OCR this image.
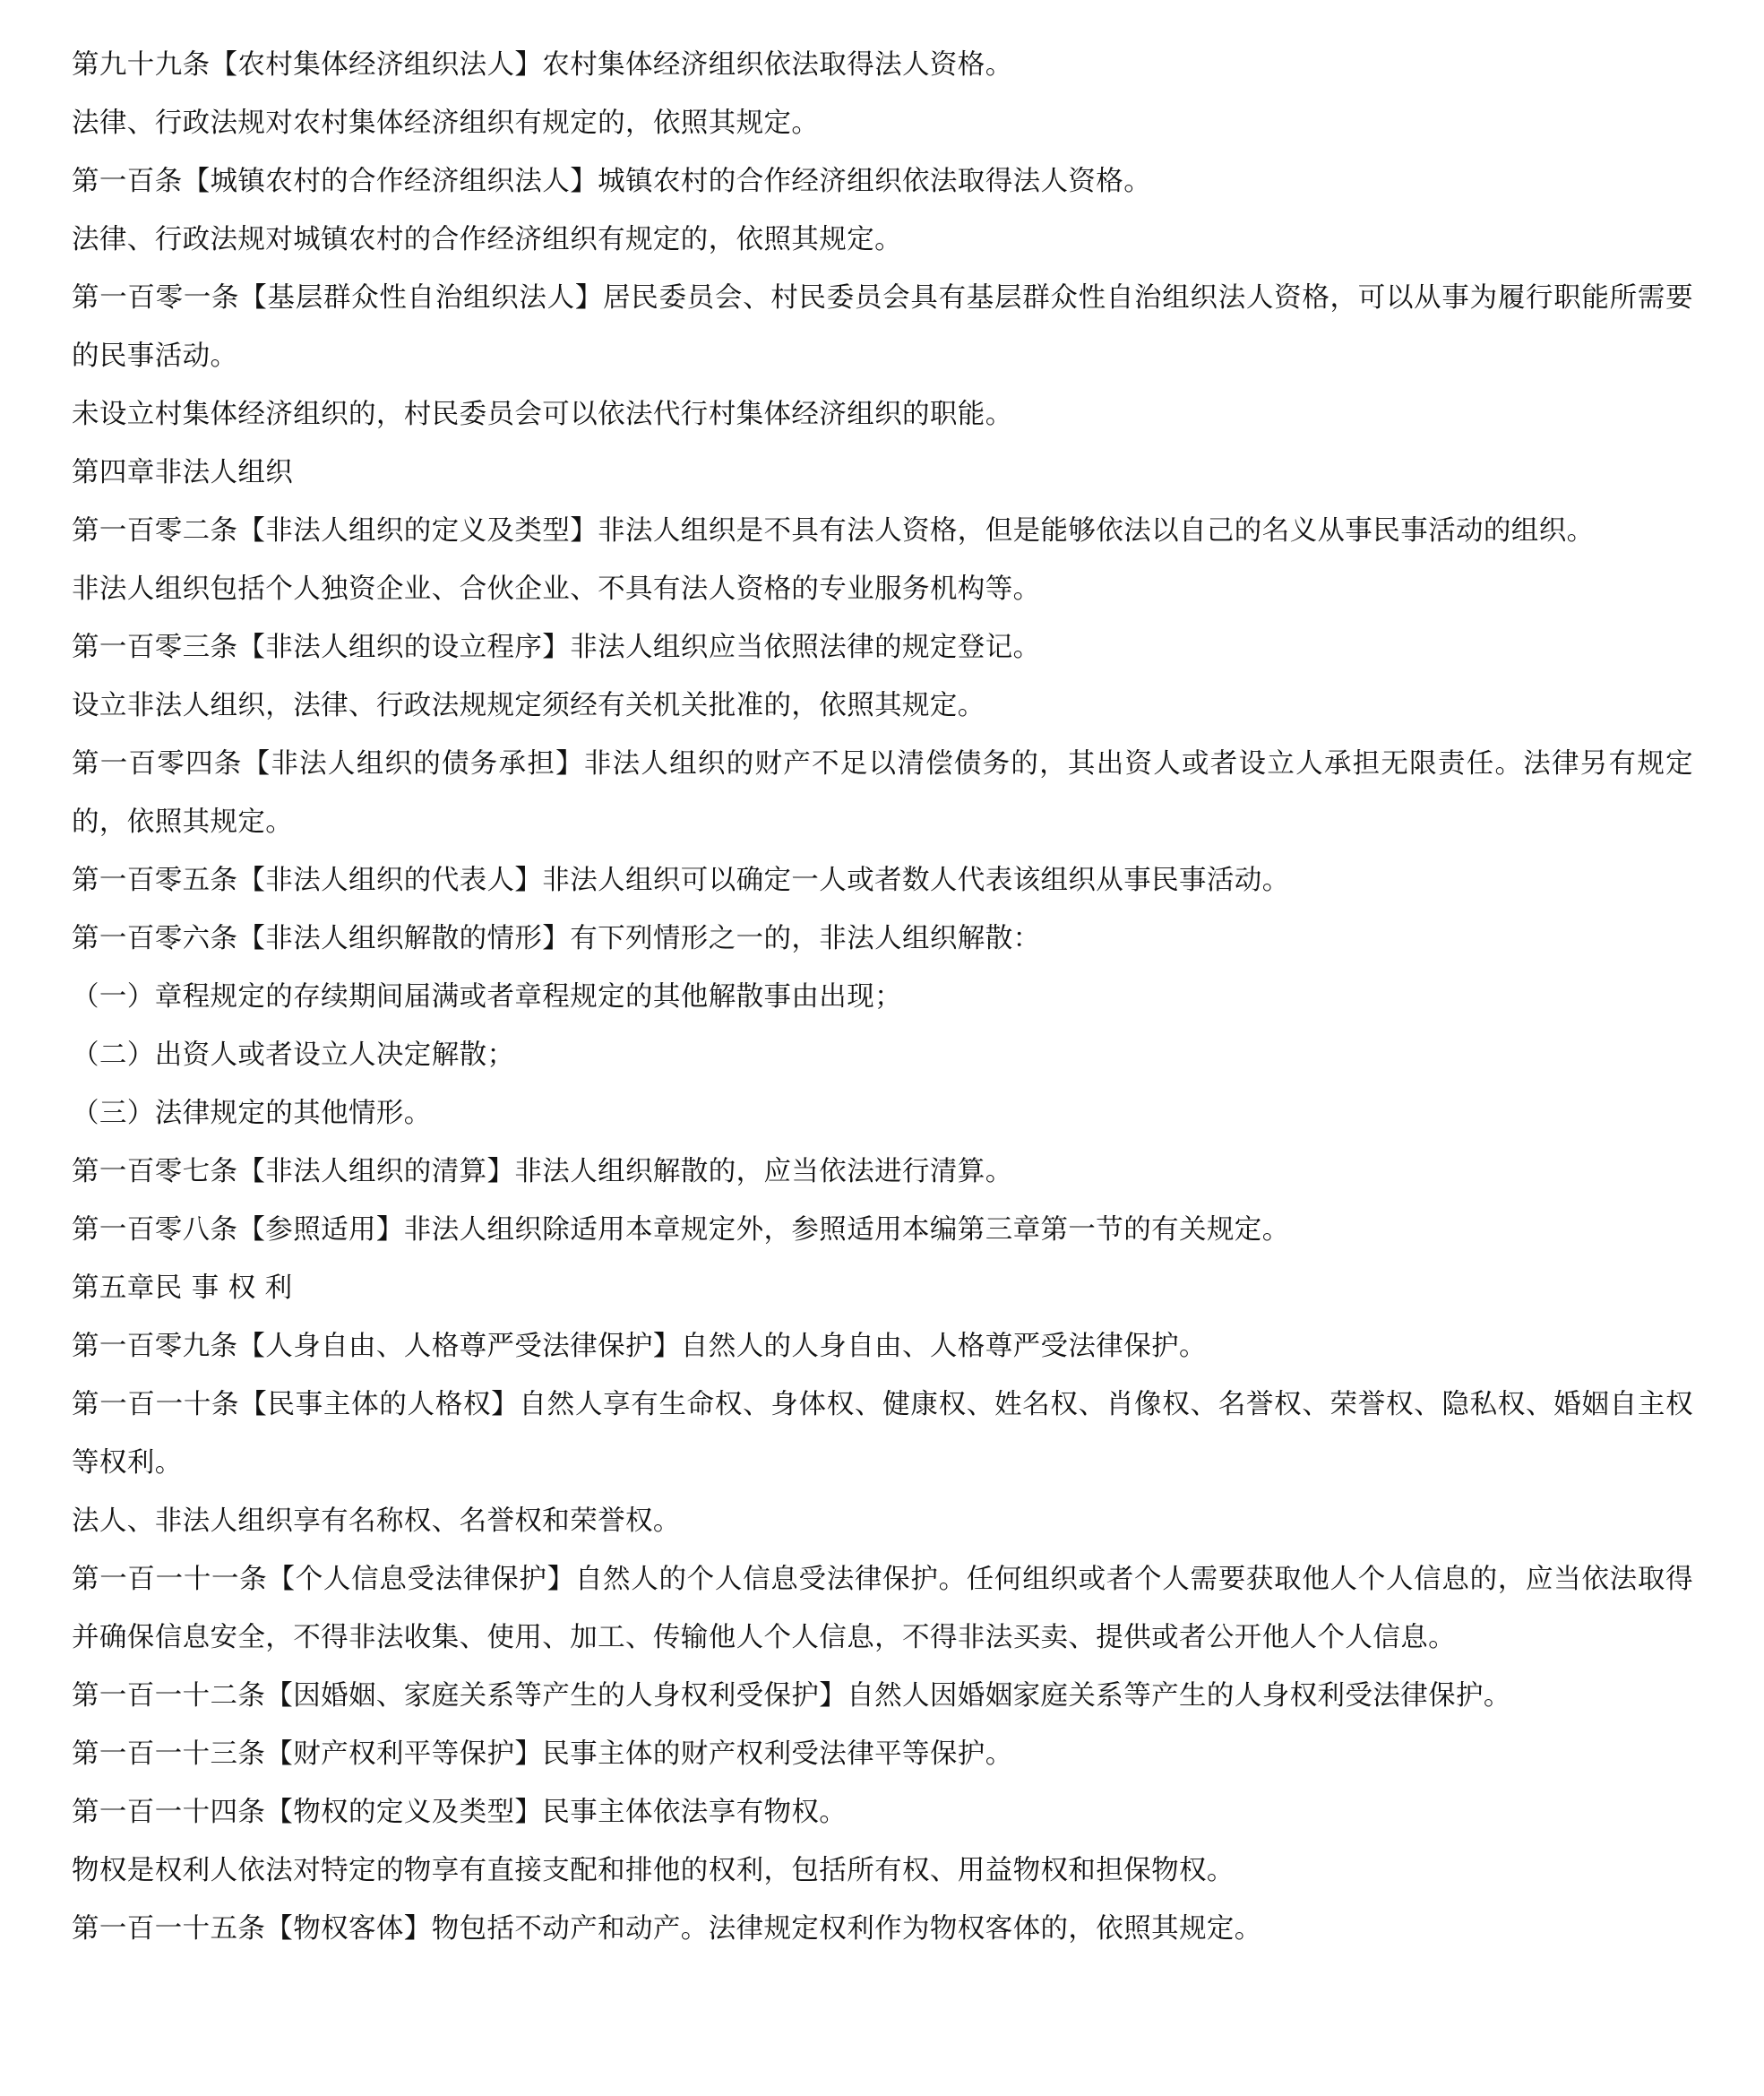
第九十九条【农村集体经济组织法人】农村集体经济组织依法取得法人资格。

法律、行政法规对农村集体经济组织有规定的，依照其规定。

第一百条【城镇农村的合作经济组织法人】城镇农村的合作经济组织依法取得法人资格。

法律、行政法规对城镇农村的合作经济组织有规定的，依照其规定。

第一百零一条【基层群众性自治组织法人】居民委员会、村民委员会具有基层群众性自治组织法人资格，可以从事为履行职能所需要的民事活动。

未设立村集体经济组织的，村民委员会可以依法代行村集体经济组织的职能。

第四章非法人组织

第一百零二条【非法人组织的定义及类型】非法人组织是不具有法人资格，但是能够依法以自己的名义从事民事活动的组织。

非法人组织包括个人独资企业、合伙企业、不具有法人资格的专业服务机构等。

第一百零三条【非法人组织的设立程序】非法人组织应当依照法律的规定登记。

设立非法人组织，法律、行政法规规定须经有关机关批准的，依照其规定。

第一百零四条【非法人组织的债务承担】非法人组织的财产不足以清偿债务的，其出资人或者设立人承担无限责任。法律另有规定的，依照其规定。

第一百零五条【非法人组织的代表人】非法人组织可以确定一人或者数人代表该组织从事民事活动。

第一百零六条【非法人组织解散的情形】有下列情形之一的，非法人组织解散：

（一）章程规定的存续期间届满或者章程规定的其他解散事由出现；

（二）出资人或者设立人决定解散；

（三）法律规定的其他情形。

第一百零七条【非法人组织的清算】非法人组织解散的，应当依法进行清算。

第一百零八条【参照适用】非法人组织除适用本章规定外，参照适用本编第三章第一节的有关规定。

第五章民 事 权 利

第一百零九条【人身自由、人格尊严受法律保护】自然人的人身自由、人格尊严受法律保护。

第一百一十条【民事主体的人格权】自然人享有生命权、身体权、健康权、姓名权、肖像权、名誉权、荣誉权、隐私权、婚姻自主权等权利。

法人、非法人组织享有名称权、名誉权和荣誉权。

第一百一十一条【个人信息受法律保护】自然人的个人信息受法律保护。任何组织或者个人需要获取他人个人信息的，应当依法取得并确保信息安全，不得非法收集、使用、加工、传输他人个人信息，不得非法买卖、提供或者公开他人个人信息。

第一百一十二条【因婚姻、家庭关系等产生的人身权利受保护】自然人因婚姻家庭关系等产生的人身权利受法律保护。

第一百一十三条【财产权利平等保护】民事主体的财产权利受法律平等保护。

第一百一十四条【物权的定义及类型】民事主体依法享有物权。

物权是权利人依法对特定的物享有直接支配和排他的权利，包括所有权、用益物权和担保物权。

第一百一十五条【物权客体】物包括不动产和动产。法律规定权利作为物权客体的，依照其规定。
